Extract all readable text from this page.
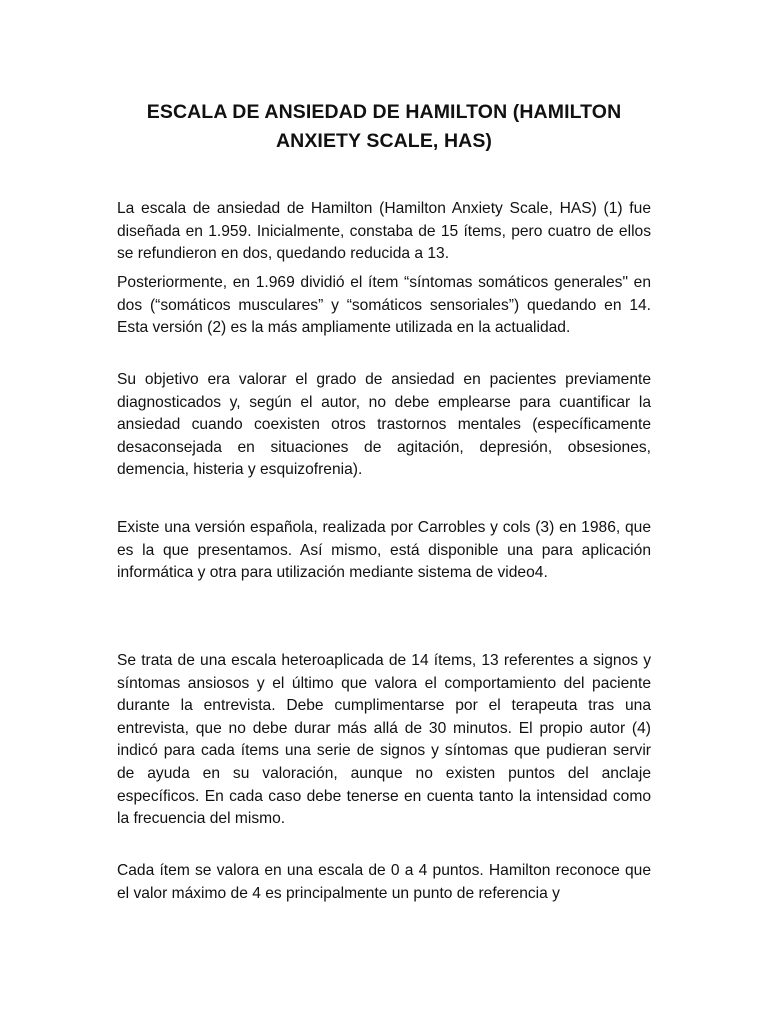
ESCALA DE ANSIEDAD DE HAMILTON (HAMILTON ANXIETY SCALE, HAS)

La escala de ansiedad de Hamilton (Hamilton Anxiety Scale, HAS) (1) fue diseñada en 1.959. Inicialmente, constaba de 15 ítems, pero cuatro de ellos se refundieron en dos, quedando reducida a 13.

Posteriormente, en 1.969 dividió el ítem “síntomas somáticos generales" en dos (“somáticos musculares” y “somáticos sensoriales”) quedando en 14. Esta versión (2) es la más ampliamente utilizada en la actualidad.

Su objetivo era valorar el grado de ansiedad en pacientes previamente diagnosticados y, según el autor, no debe emplearse para cuantificar la ansiedad cuando coexisten otros trastornos mentales (específicamente desaconsejada en situaciones de agitación, depresión, obsesiones, demencia, histeria y esquizofrenia).

Existe una versión española, realizada por Carrobles y cols (3) en 1986, que es la que presentamos. Así mismo, está disponible una para aplicación informática y otra para utilización mediante sistema de video4.

Se trata de una escala heteroaplicada de 14 ítems, 13 referentes a signos y síntomas ansiosos y el último que valora el comportamiento del paciente durante la entrevista. Debe cumplimentarse por el terapeuta tras una entrevista, que no debe durar más allá de 30 minutos. El propio autor (4) indicó para cada ítems una serie de signos y síntomas que pudieran servir de ayuda en su valoración, aunque no existen puntos del anclaje específicos. En cada caso debe tenerse en cuenta tanto la intensidad como la frecuencia del mismo.

Cada ítem se valora en una escala de 0 a 4 puntos. Hamilton reconoce que el valor máximo de 4 es principalmente un punto de referencia y
